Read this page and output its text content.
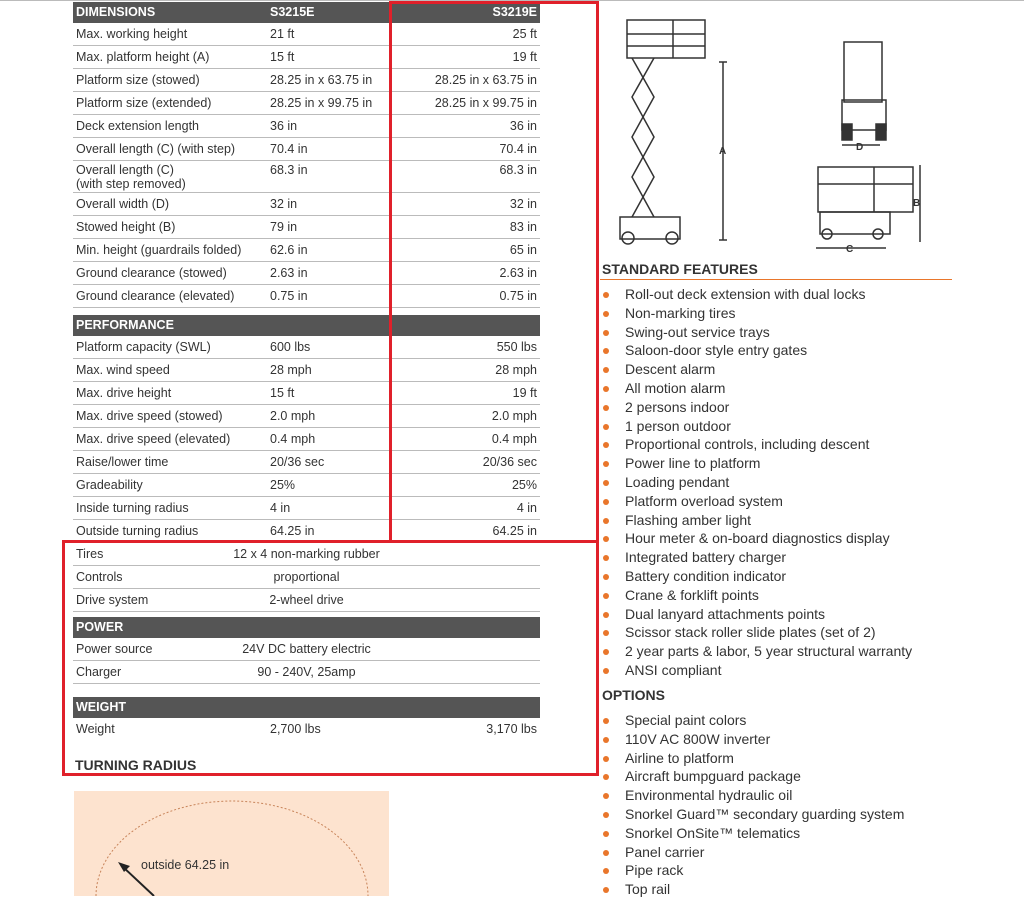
DIMENSIONS	S3215E	S3219E
Max. working height	21 ft	25 ft
Max. platform height (A)	15 ft	19 ft
Platform size (stowed)	28.25 in x 63.75 in	28.25 in x 63.75 in
Platform size (extended)	28.25 in x 99.75 in	28.25 in x 99.75 in
Deck extension length	36 in	36 in
Overall length (C) (with step)	70.4 in	70.4 in
Overall length (C)
(with step removed)
68.3 in	68.3 in
Overall width (D)	32 in	32 in
Stowed height (B)	79 in	83 in
Min. height (guardrails folded) 62.6 in	65 in
Ground clearance (stowed)	2.63 in	2.63 in
Ground clearance (elevated)	0.75 in	0.75 in
PERFORMANCE
Platform capacity (SWL)	600 lbs	550 lbs
Max. wind speed	28 mph	28 mph
Max. drive height	15 ft	19 ft
Max. drive speed (stowed)	2.0 mph	2.0 mph
Max. drive speed (elevated)	0.4 mph	0.4 mph
Raise/lower time	20/36 sec	20/36 sec
Gradeability	25%	25%
Inside turning radius	4 in	4 in
Outside turning radius	64.25 in	64.25 in
Tires	12 x 4 non-marking rubber
Controls	proportional
Drive system	2-wheel drive
POWER
Power source	24V DC battery electric
Charger	90 - 240V, 25amp
WEIGHT
Weight	2,700 lbs	3,170 lbs
TURNING RADIUS
outside 64.25 in
A	D
B
C
STANDARD FEATURES
Roll-out deck extension with dual locks
Non-marking tires
Swing-out service trays
Saloon-door style entry gates
Descent alarm
All motion alarm
2 persons indoor
1 person outdoor
Proportional controls, including descent
Power line to platform
Loading pendant
Platform overload system
Flashing amber light
Hour meter & on-board diagnostics display
Integrated battery charger
Battery condition indicator
Crane & forklift points
Dual lanyard attachments points
Scissor stack roller slide plates (set of 2)
2 year parts & labor, 5 year structural warranty
ANSI compliant
OPTIONS
Special paint colors
110V AC 800W inverter
Airline to platform
Aircraft bumpguard package
Environmental hydraulic oil
Snorkel Guard™ secondary guarding system
Snorkel OnSite™ telematics
Panel carrier
Pipe rack
Top rail
